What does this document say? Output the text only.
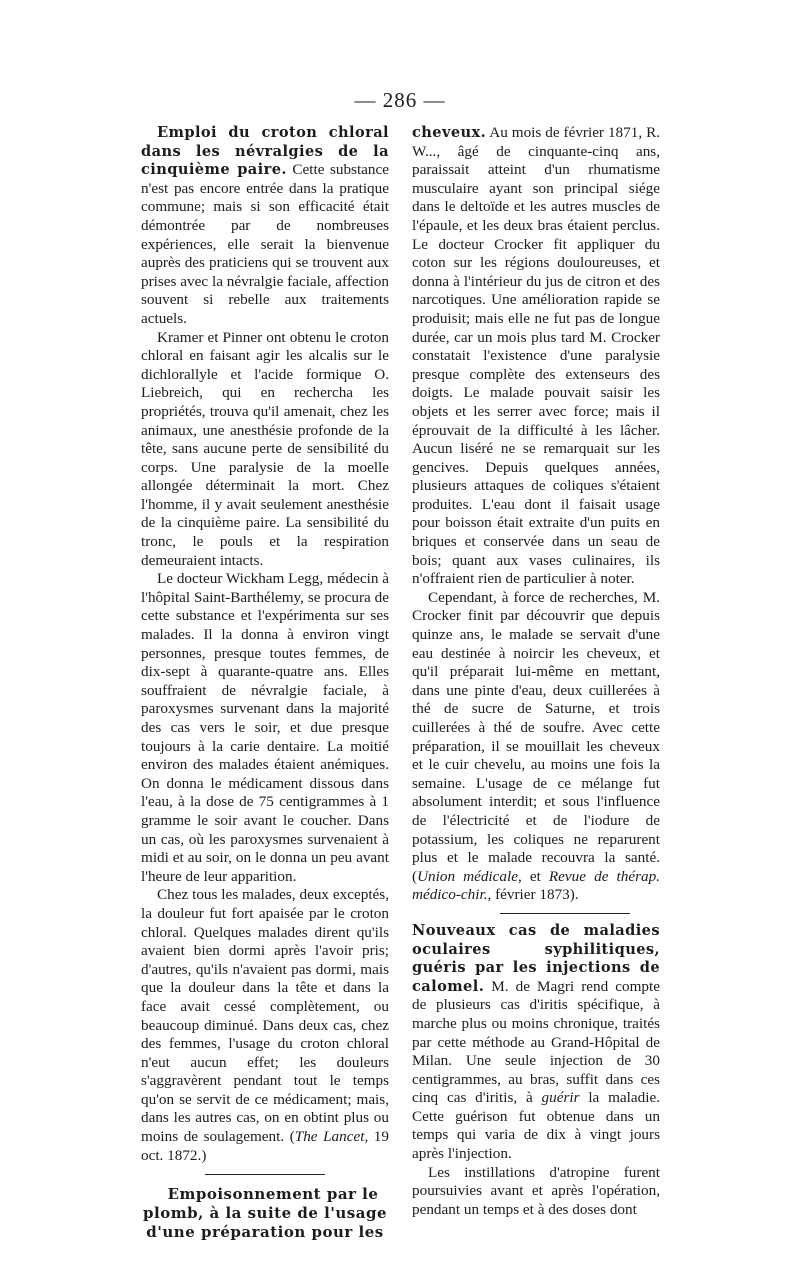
— 286 —

Emploi du croton chloral dans les névralgies de la cinquième paire. Cette substance n'est pas encore entrée dans la pratique commune; mais si son efficacité était démontrée par de nombreuses expériences, elle serait la bienvenue auprès des praticiens qui se trouvent aux prises avec la névralgie faciale, affection souvent si rebelle aux traitements actuels.

Kramer et Pinner ont obtenu le croton chloral en faisant agir les alcalis sur le dichlorallyle et l'acide formique O. Liebreich, qui en rechercha les propriétés, trouva qu'il amenait, chez les animaux, une anesthésie profonde de la tête, sans aucune perte de sensibilité du corps. Une paralysie de la moelle allongée déterminait la mort. Chez l'homme, il y avait seulement anesthésie de la cinquième paire. La sensibilité du tronc, le pouls et la respiration demeuraient intacts.

Le docteur Wickham Legg, médecin à l'hôpital Saint-Barthélemy, se procura de cette substance et l'expérimenta sur ses malades. Il la donna à environ vingt personnes, presque toutes femmes, de dix-sept à quarante-quatre ans. Elles souffraient de névralgie faciale, à paroxysmes survenant dans la majorité des cas vers le soir, et due presque toujours à la carie dentaire. La moitié environ des malades étaient anémiques. On donna le médicament dissous dans l'eau, à la dose de 75 centigrammes à 1 gramme le soir avant le coucher. Dans un cas, où les paroxysmes survenaient à midi et au soir, on le donna un peu avant l'heure de leur apparition.

Chez tous les malades, deux exceptés, la douleur fut fort apaisée par le croton chloral. Quelques malades dirent qu'ils avaient bien dormi après l'avoir pris; d'autres, qu'ils n'avaient pas dormi, mais que la douleur dans la tête et dans la face avait cessé complètement, ou beaucoup diminué. Dans deux cas, chez des femmes, l'usage du croton chloral n'eut aucun effet; les douleurs s'aggravèrent pendant tout le temps qu'on se servit de ce médicament; mais, dans les autres cas, on en obtint plus ou moins de soulagement. (The Lancet, 19 oct. 1872.)

Empoisonnement par le plomb, à la suite de l'usage d'une préparation pour les

cheveux. Au mois de février 1871, R. W..., âgé de cinquante-cinq ans, paraissait atteint d'un rhumatisme musculaire ayant son principal siége dans le deltoïde et les autres muscles de l'épaule, et les deux bras étaient perclus. Le docteur Crocker fit appliquer du coton sur les régions douloureuses, et donna à l'intérieur du jus de citron et des narcotiques. Une amélioration rapide se produisit; mais elle ne fut pas de longue durée, car un mois plus tard M. Crocker constatait l'existence d'une paralysie presque complète des extenseurs des doigts. Le malade pouvait saisir les objets et les serrer avec force; mais il éprouvait de la difficulté à les lâcher. Aucun liséré ne se remarquait sur les gencives. Depuis quelques années, plusieurs attaques de coliques s'étaient produites. L'eau dont il faisait usage pour boisson était extraite d'un puits en briques et conservée dans un seau de bois; quant aux vases culinaires, ils n'offraient rien de particulier à noter.

Cependant, à force de recherches, M. Crocker finit par découvrir que depuis quinze ans, le malade se servait d'une eau destinée à noircir les cheveux, et qu'il préparait lui-même en mettant, dans une pinte d'eau, deux cuillerées à thé de sucre de Saturne, et trois cuillerées à thé de soufre. Avec cette préparation, il se mouillait les cheveux et le cuir chevelu, au moins une fois la semaine. L'usage de ce mélange fut absolument interdit; et sous l'influence de l'électricité et de l'iodure de potassium, les coliques ne reparurent plus et le malade recouvra la santé. (Union médicale, et Revue de thérap. médico-chir., février 1873).

Nouveaux cas de maladies oculaires syphilitiques, guéris par les injections de calomel. M. de Magri rend compte de plusieurs cas d'iritis spécifique, à marche plus ou moins chronique, traités par cette méthode au Grand-Hôpital de Milan. Une seule injection de 30 centigrammes, au bras, suffit dans ces cinq cas d'iritis, à guérir la maladie. Cette guérison fut obtenue dans un temps qui varia de dix à vingt jours après l'injection.

Les instillations d'atropine furent poursuivies avant et après l'opération, pendant un temps et à des doses dont
